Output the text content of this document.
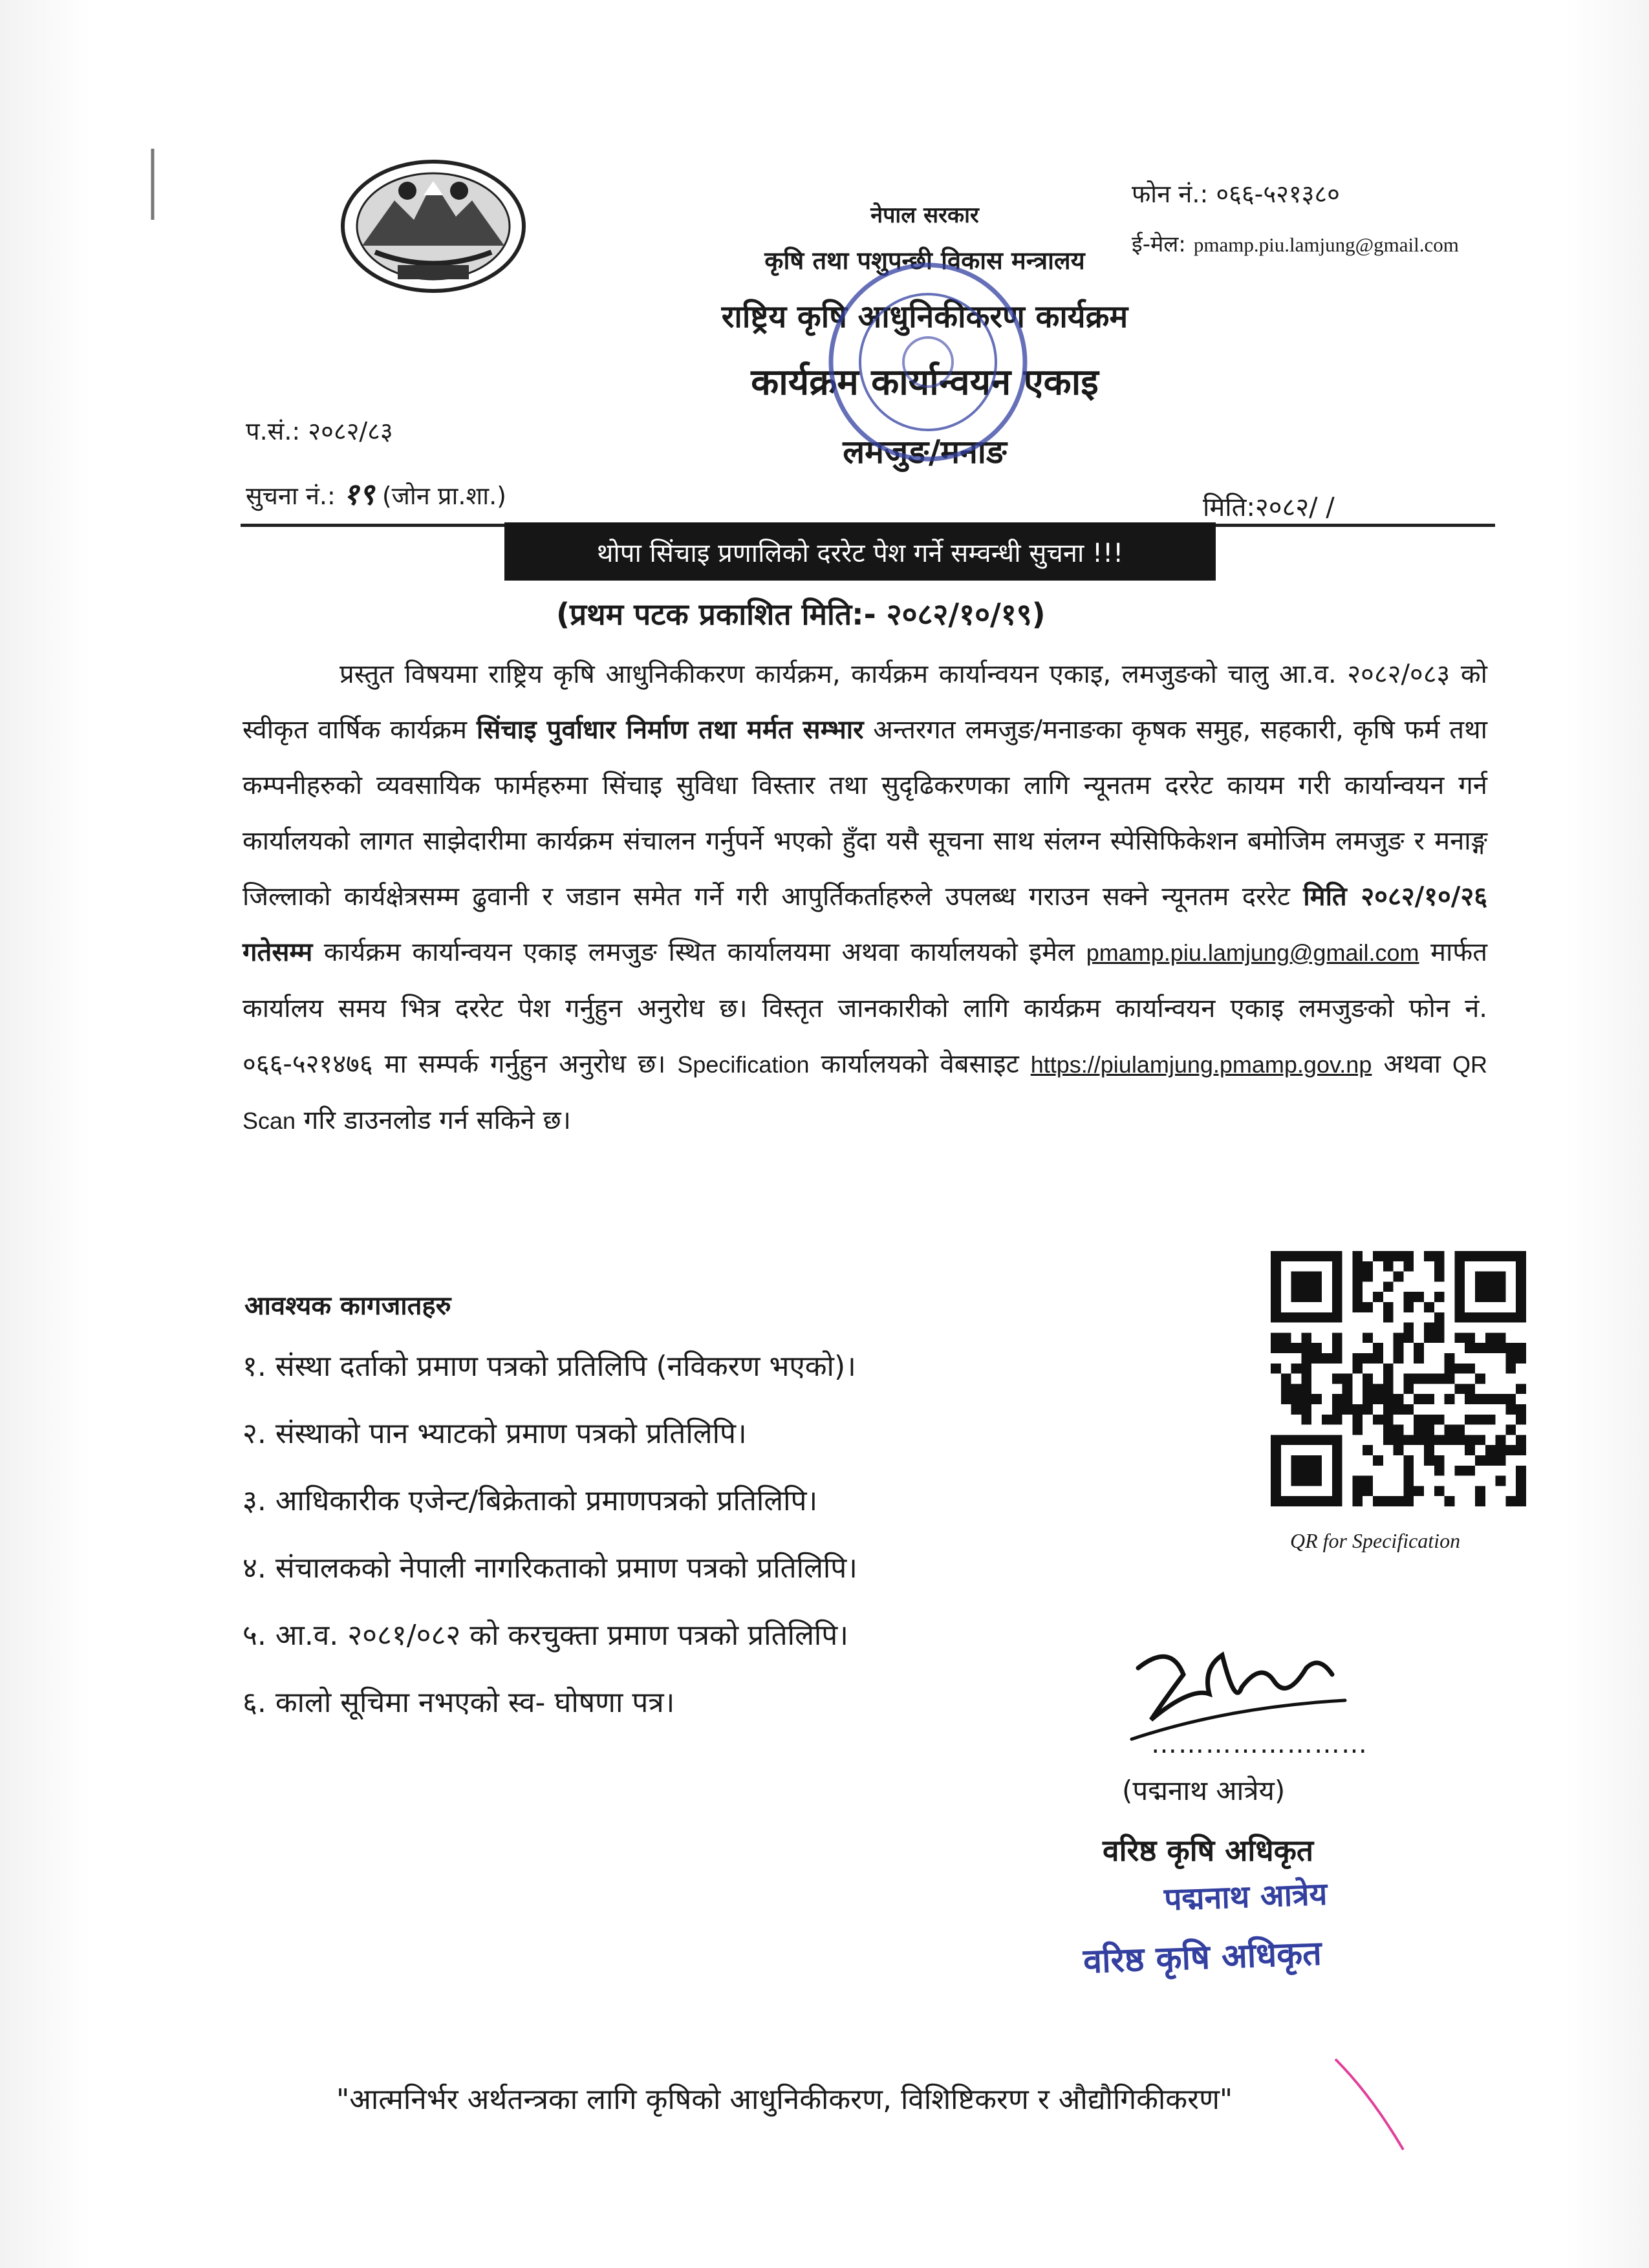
नेपाल सरकार
कृषि तथा पशुपन्छी विकास मन्त्रालय
राष्ट्रिय कृषि आधुनिकीकरण कार्यक्रम
कार्यक्रम कार्यान्वयन एकाइ
लमजुङ/मनाङ
फोन नं.: ०६६-५२१३८०
ई-मेल: pmamp.piu.lamjung@gmail.com
प.सं.: २०८२/८३
सुचना नं.: १९ (जोन प्रा.शा.)	मिति:२०८२/ /
थोपा सिंचाइ प्रणालिको दररेट पेश गर्ने सम्वन्धी सुचना !!!
(प्रथम पटक प्रकाशित मिति:- २०८२/१०/१९)
प्रस्तुत विषयमा राष्ट्रिय कृषि आधुनिकीकरण कार्यक्रम, कार्यक्रम कार्यान्वयन एकाइ, लमजुङको चालु आ.व. २०८२/०८३ को स्वीकृत वार्षिक कार्यक्रम सिंचाइ पुर्वाधार निर्माण तथा मर्मत सम्भार अन्तरगत लमजुङ/मनाङका कृषक समुह, सहकारी, कृषि फर्म तथा कम्पनीहरुको व्यवसायिक फार्महरुमा सिंचाइ सुविधा विस्तार तथा सुदृढिकरणका लागि न्यूनतम दररेट कायम गरी कार्यान्वयन गर्न कार्यालयको लागत साझेदारीमा कार्यक्रम संचालन गर्नुपर्ने भएको हुँदा यसै सूचना साथ संलग्न स्पेसिफिकेशन बमोजिम लमजुङ र मनाङ्ग जिल्लाको कार्यक्षेत्रसम्म ढुवानी र जडान समेत गर्ने गरी आपुर्तिकर्ताहरुले उपलब्ध गराउन सक्ने न्यूनतम दररेट मिति २०८२/१०/२६ गतेसम्म कार्यक्रम कार्यान्वयन एकाइ लमजुङ स्थित कार्यालयमा अथवा कार्यालयको इमेल pmamp.piu.lamjung@gmail.com मार्फत कार्यालय समय भित्र दररेट पेश गर्नुहुन अनुरोध छ। विस्तृत जानकारीको लागि कार्यक्रम कार्यान्वयन एकाइ लमजुङको फोन नं. ०६६-५२१४७६ मा सम्पर्क गर्नुहुन अनुरोध छ। Specification कार्यालयको वेबसाइट https://piulamjung.pmamp.gov.np अथवा QR Scan गरि डाउनलोड गर्न सकिने छ।
आवश्यक कागजातहरु
१. संस्था दर्ताको प्रमाण पत्रको प्रतिलिपि (नविकरण भएको)।
२. संस्थाको पान भ्याटको प्रमाण पत्रको प्रतिलिपि।
३. आधिकारीक एजेन्ट/बिक्रेताको प्रमाणपत्रको प्रतिलिपि।
४. संचालकको नेपाली नागरिकताको प्रमाण पत्रको प्रतिलिपि।
५. आ.व. २०८१/०८२ को करचुक्ता प्रमाण पत्रको प्रतिलिपि।
६. कालो सूचिमा नभएको स्व- घोषणा पत्र।
QR for Specification
……………………
(पद्मनाथ आत्रेय)
वरिष्ठ कृषि अधिकृत
पद्मनाथ आत्रेय
वरिष्ठ कृषि अधिकृत
"आत्मनिर्भर अर्थतन्त्रका लागि कृषिको आधुनिकीकरण, विशिष्टिकरण र औद्यौगिकीकरण"
